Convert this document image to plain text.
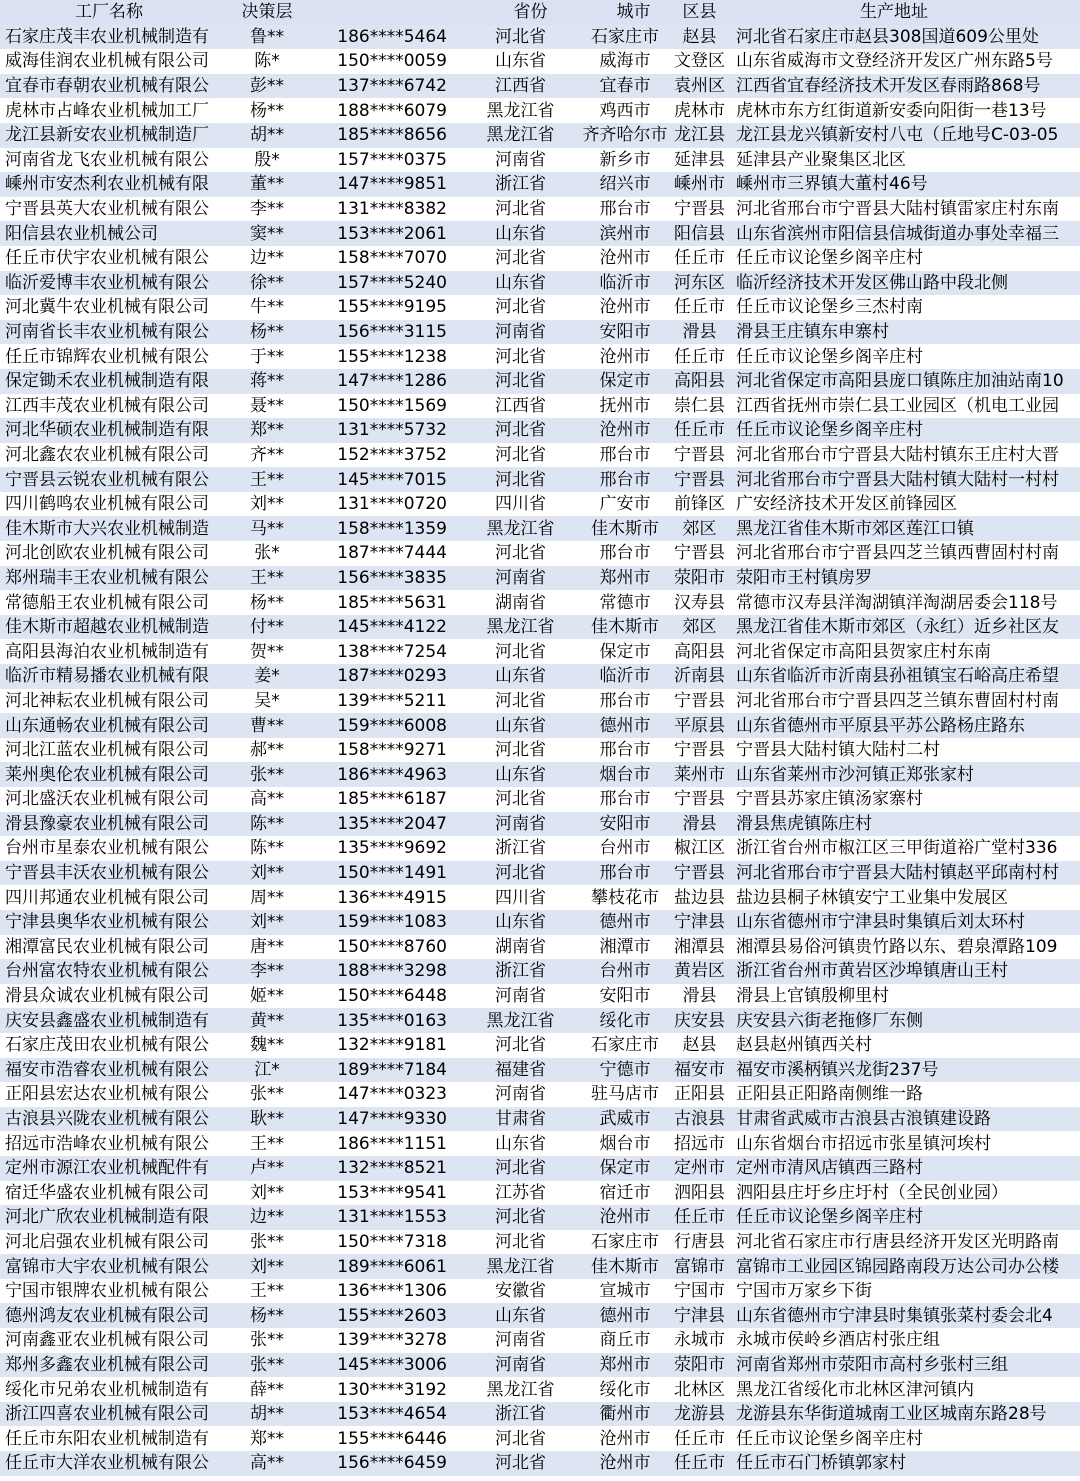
工厂名称	决策层		省份	城市	区县	生产地址
石家庄茂丰农业机械制造有	鲁**	186****5464	河北省	石家庄市	赵县	河北省石家庄市赵县308国道609公里处
威海佳润农业机械有限公司	陈*	150****0059	山东省	威海市	文登区	山东省威海市文登经济开发区广州东路5号
宜春市春朝农业机械有限公	彭**	137****6742	江西省	宜春市	袁州区	江西省宜春经济技术开发区春雨路868号
虎林市占峰农业机械加工厂	杨**	188****6079	黑龙江省	鸡西市	虎林市	虎林市东方红街道新安委向阳街一巷13号
龙江县新安农业机械制造厂	胡**	185****8656	黑龙江省	齐齐哈尔市	龙江县	龙江县龙兴镇新安村八屯（丘地号C-03-05
河南省龙飞农业机械有限公	殷*	157****0375	河南省	新乡市	延津县	延津县产业聚集区北区
嵊州市安杰利农业机械有限	董**	147****9851	浙江省	绍兴市	嵊州市	嵊州市三界镇大董村46号
宁晋县英大农业机械有限公	李**	131****8382	河北省	邢台市	宁晋县	河北省邢台市宁晋县大陆村镇雷家庄村东南
阳信县农业机械公司	窦**	153****2061	山东省	滨州市	阳信县	山东省滨州市阳信县信城街道办事处幸福三
任丘市伏宇农业机械有限公	边**	158****7070	河北省	沧州市	任丘市	任丘市议论堡乡阁辛庄村
临沂爱博丰农业机械有限公	徐**	157****5240	山东省	临沂市	河东区	临沂经济技术开发区佛山路中段北侧
河北冀牛农业机械有限公司	牛**	155****9195	河北省	沧州市	任丘市	任丘市议论堡乡三杰村南
河南省长丰农业机械有限公	杨**	156****3115	河南省	安阳市	滑县	滑县王庄镇东申寨村
任丘市锦辉农业机械有限公	于**	155****1238	河北省	沧州市	任丘市	任丘市议论堡乡阁辛庄村
保定锄禾农业机械制造有限	蒋**	147****1286	河北省	保定市	高阳县	河北省保定市高阳县庞口镇陈庄加油站南10
江西丰茂农业机械有限公司	聂**	150****1569	江西省	抚州市	崇仁县	江西省抚州市崇仁县工业园区（机电工业园
河北华硕农业机械制造有限	郑**	131****5732	河北省	沧州市	任丘市	任丘市议论堡乡阁辛庄村
河北鑫农农业机械有限公司	齐**	152****3752	河北省	邢台市	宁晋县	河北省邢台市宁晋县大陆村镇东王庄村大晋
宁晋县云锐农业机械有限公	王**	145****7015	河北省	邢台市	宁晋县	河北省邢台市宁晋县大陆村镇大陆村一村村
四川鹤鸣农业机械有限公司	刘**	131****0720	四川省	广安市	前锋区	广安经济技术开发区前锋园区
佳木斯市大兴农业机械制造	马**	158****1359	黑龙江省	佳木斯市	郊区	黑龙江省佳木斯市郊区莲江口镇
河北创欧农业机械有限公司	张*	187****7444	河北省	邢台市	宁晋县	河北省邢台市宁晋县四芝兰镇西曹固村村南
郑州瑞丰王农业机械有限公	王**	156****3835	河南省	郑州市	荥阳市	荥阳市王村镇房罗
常德船王农业机械有限公司	杨**	185****5631	湖南省	常德市	汉寿县	常德市汉寿县洋淘湖镇洋淘湖居委会118号
佳木斯市超越农业机械制造	付**	145****4122	黑龙江省	佳木斯市	郊区	黑龙江省佳木斯市郊区（永红）近乡社区友
高阳县海泊农业机械制造有	贺**	138****7254	河北省	保定市	高阳县	河北省保定市高阳县贺家庄村东南
临沂市精易播农业机械有限	姜*	187****0293	山东省	临沂市	沂南县	山东省临沂市沂南县孙祖镇宝石峪高庄希望
河北神耘农业机械有限公司	吴*	139****5211	河北省	邢台市	宁晋县	河北省邢台市宁晋县四芝兰镇东曹固村村南
山东通畅农业机械有限公司	曹**	159****6008	山东省	德州市	平原县	山东省德州市平原县平苏公路杨庄路东
河北江蓝农业机械有限公司	郝**	158****9271	河北省	邢台市	宁晋县	宁晋县大陆村镇大陆村二村
莱州奥伦农业机械有限公司	张**	186****4963	山东省	烟台市	莱州市	山东省莱州市沙河镇正郑张家村
河北盛沃农业机械有限公司	高**	185****6187	河北省	邢台市	宁晋县	宁晋县苏家庄镇汤家寨村
滑县豫豪农业机械有限公司	陈**	135****2047	河南省	安阳市	滑县	滑县焦虎镇陈庄村
台州市星泰农业机械有限公	陈**	135****9692	浙江省	台州市	椒江区	浙江省台州市椒江区三甲街道裕广堂村336
宁晋县丰沃农业机械有限公	刘**	150****1491	河北省	邢台市	宁晋县	河北省邢台市宁晋县大陆村镇赵平邱南村村
四川邦通农业机械有限公司	周**	136****4915	四川省	攀枝花市	盐边县	盐边县桐子林镇安宁工业集中发展区
宁津县奥华农业机械有限公	刘**	159****1083	山东省	德州市	宁津县	山东省德州市宁津县时集镇后刘太环村
湘潭富民农业机械有限公司	唐**	150****8760	湖南省	湘潭市	湘潭县	湘潭县易俗河镇贵竹路以东、碧泉潭路109
台州富农特农业机械有限公	李**	188****3298	浙江省	台州市	黄岩区	浙江省台州市黄岩区沙埠镇唐山王村
滑县众诚农业机械有限公司	姬**	150****6448	河南省	安阳市	滑县	滑县上官镇殷柳里村
庆安县鑫盛农业机械制造有	黄**	135****0163	黑龙江省	绥化市	庆安县	庆安县六街老拖修厂东侧
石家庄茂田农业机械有限公	魏**	132****9181	河北省	石家庄市	赵县	赵县赵州镇西关村
福安市浩睿农业机械有限公	江*	189****7184	福建省	宁德市	福安市	福安市溪柄镇兴龙街237号
正阳县宏达农业机械有限公	张**	147****0323	河南省	驻马店市	正阳县	正阳县正阳路南侧维一路
古浪县兴陇农业机械有限公	耿**	147****9330	甘肃省	武威市	古浪县	甘肃省武威市古浪县古浪镇建设路
招远市浩峰农业机械有限公	王**	186****1151	山东省	烟台市	招远市	山东省烟台市招远市张星镇河埃村
定州市源江农业机械配件有	卢**	132****8521	河北省	保定市	定州市	定州市清风店镇西三路村
宿迁华盛农业机械有限公司	刘**	153****9541	江苏省	宿迁市	泗阳县	泗阳县庄圩乡庄圩村（全民创业园）
河北广欣农业机械制造有限	边**	131****1553	河北省	沧州市	任丘市	任丘市议论堡乡阁辛庄村
河北启强农业机械有限公司	张**	150****7318	河北省	石家庄市	行唐县	河北省石家庄市行唐县经济开发区光明路南
富锦市大宇农业机械有限公	刘**	189****6061	黑龙江省	佳木斯市	富锦市	富锦市工业园区锦园路南段万达公司办公楼
宁国市银牌农业机械有限公	王**	136****1306	安徽省	宣城市	宁国市	宁国市万家乡下街
德州鸿友农业机械有限公司	杨**	155****2603	山东省	德州市	宁津县	山东省德州市宁津县时集镇张菜村委会北4
河南鑫亚农业机械有限公司	张**	139****3278	河南省	商丘市	永城市	永城市侯岭乡酒店村张庄组
郑州多鑫农业机械有限公司	张**	145****3006	河南省	郑州市	荥阳市	河南省郑州市荥阳市高村乡张村三组
绥化市兄弟农业机械制造有	薛**	130****3192	黑龙江省	绥化市	北林区	黑龙江省绥化市北林区津河镇内
浙江四喜农业机械有限公司	胡**	153****4654	浙江省	衢州市	龙游县	龙游县东华街道城南工业区城南东路28号
任丘市东阳农业机械制造有	郑**	155****6446	河北省	沧州市	任丘市	任丘市议论堡乡阁辛庄村
任丘市大洋农业机械有限公	高**	156****6459	河北省	沧州市	任丘市	任丘市石门桥镇郭家村
